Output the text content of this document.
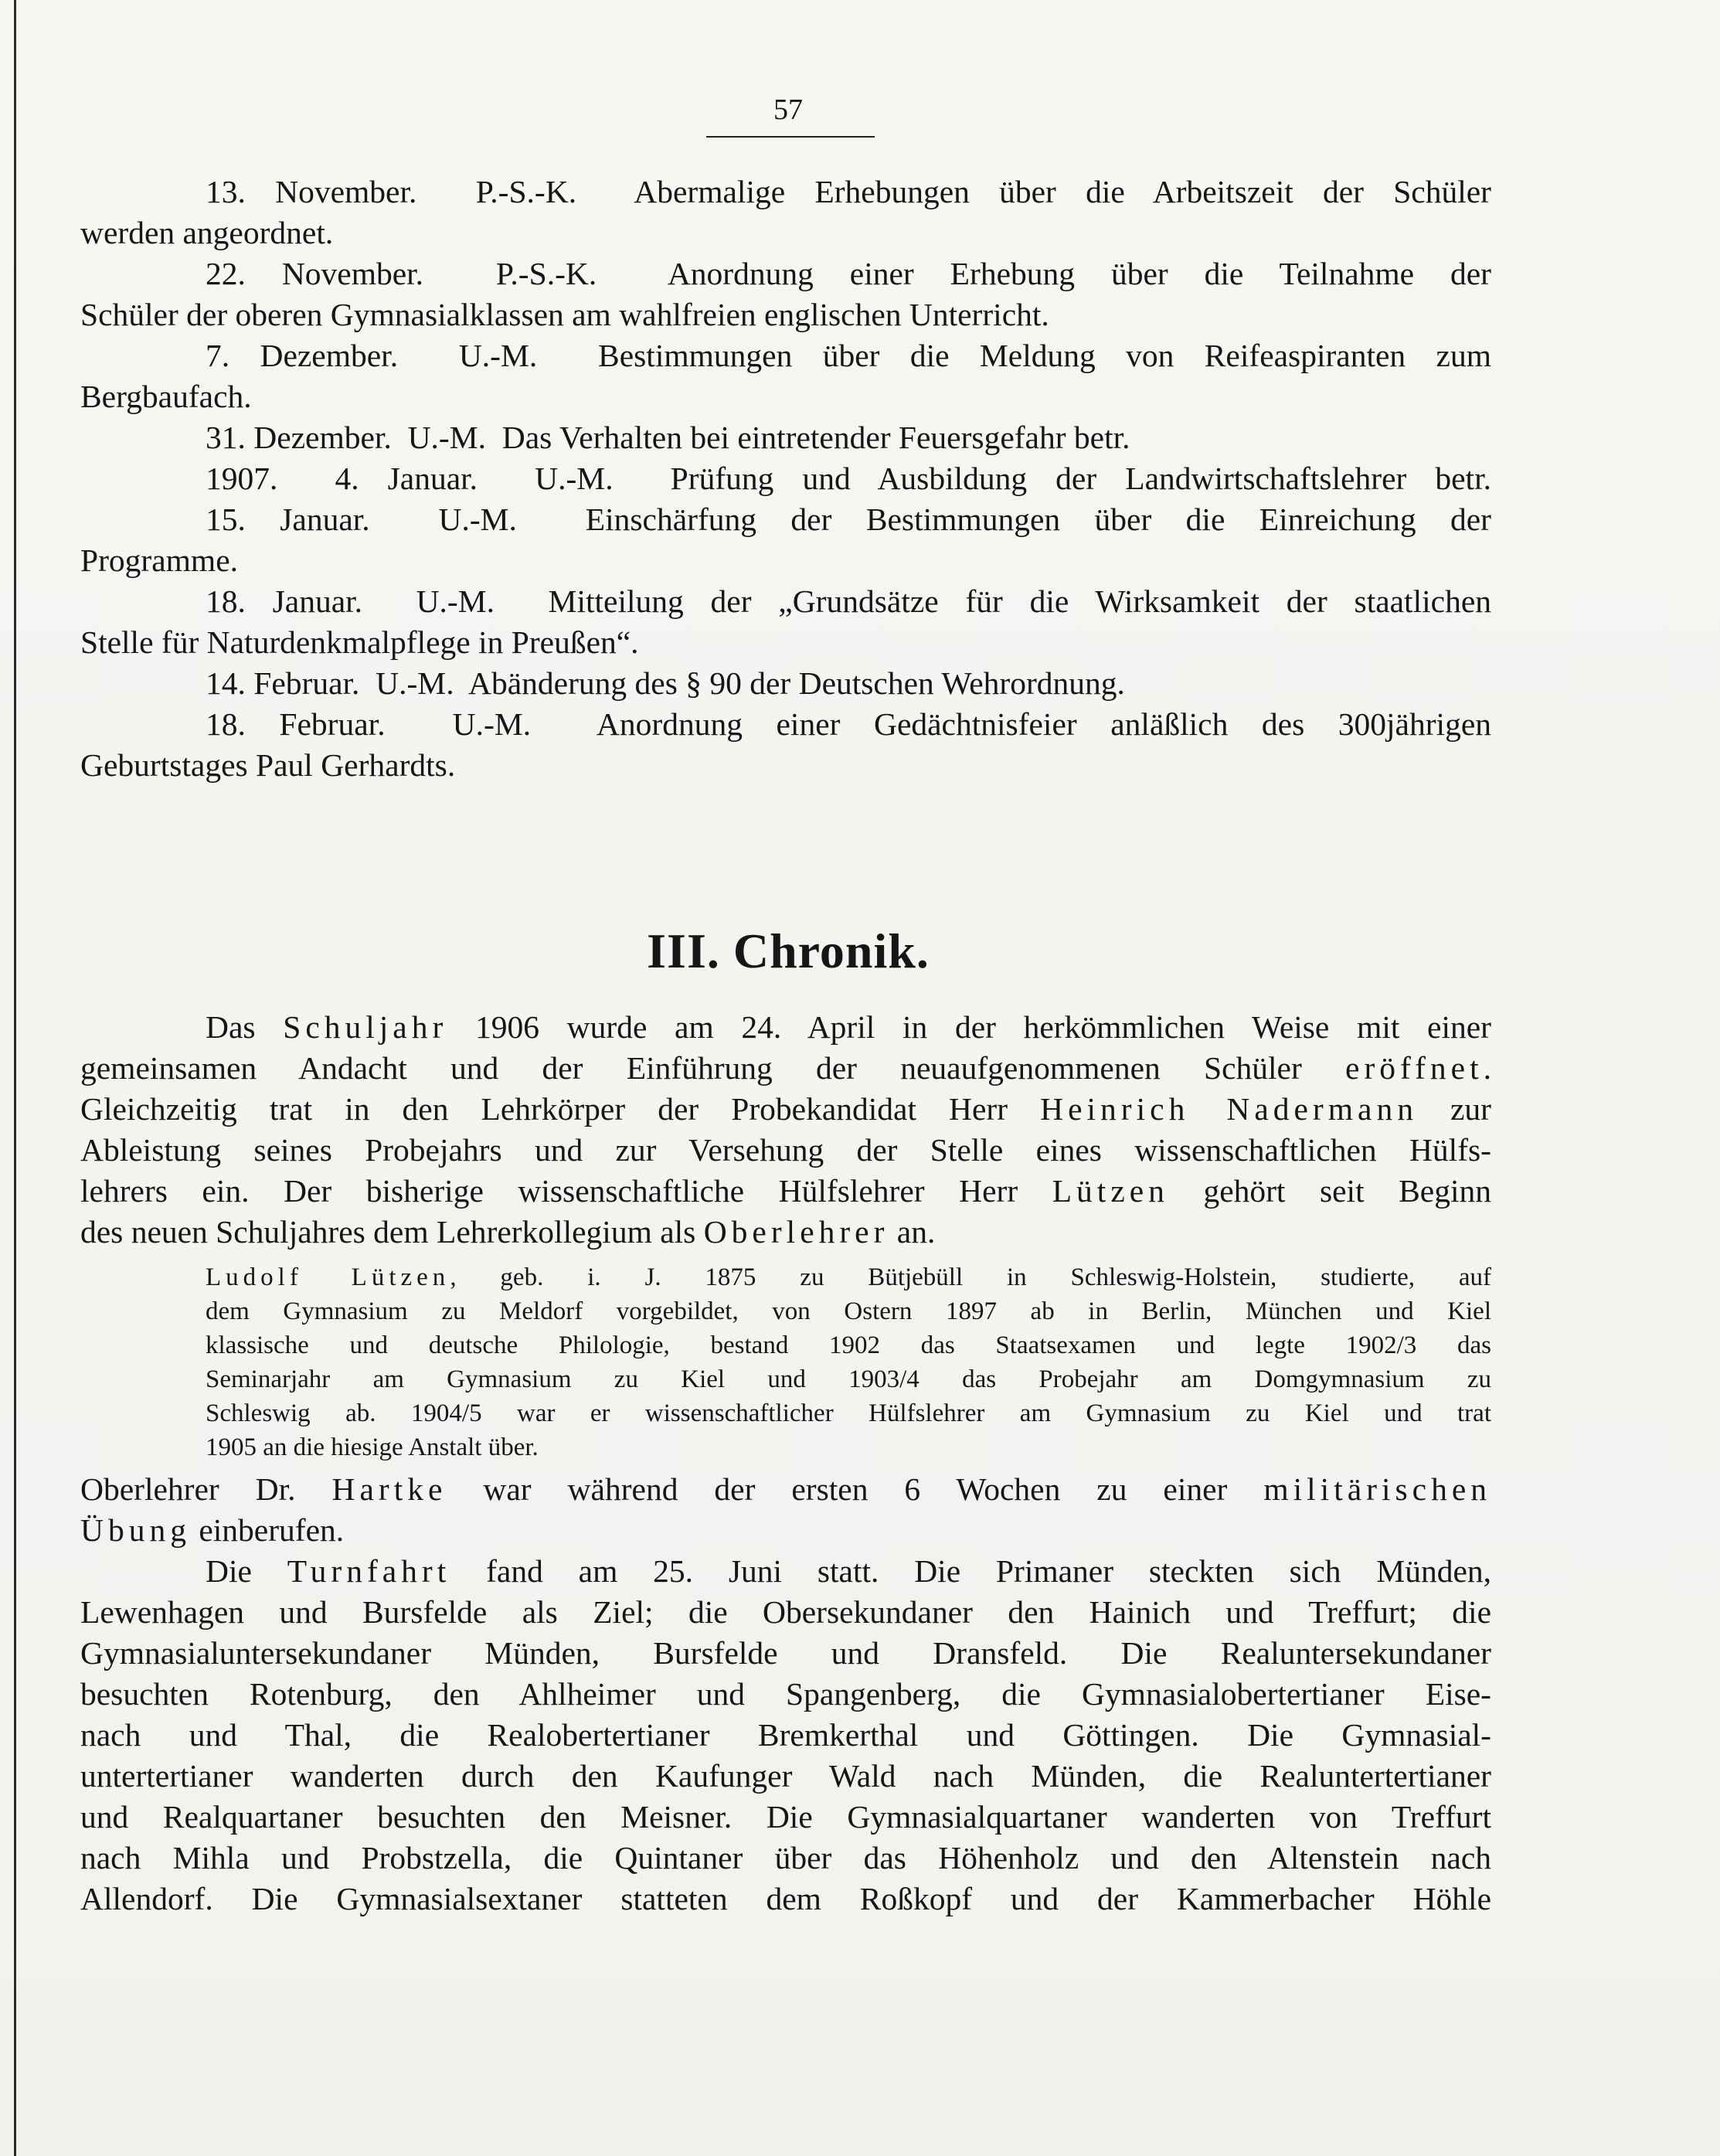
57
13. November.  P.-S.-K.  Abermalige Erhebungen über die Arbeitszeit der Schüler
werden angeordnet.
22. November.  P.-S.-K.  Anordnung einer Erhebung über die Teilnahme der
Schüler der oberen Gymnasialklassen am wahlfreien englischen Unterricht.
7. Dezember.  U.-M.  Bestimmungen über die Meldung von Reifeaspiranten zum
Bergbaufach.
31. Dezember.  U.-M.  Das Verhalten bei eintretender Feuersgefahr betr.
1907.  4. Januar.  U.-M.  Prüfung und Ausbildung der Landwirtschaftslehrer betr.
15. Januar.  U.-M.  Einschärfung der Bestimmungen über die Einreichung der
Programme.
18. Januar.  U.-M.  Mitteilung der „Grundsätze für die Wirksamkeit der staatlichen
Stelle für Naturdenkmalpflege in Preußen“.
14. Februar.  U.-M.  Abänderung des § 90 der Deutschen Wehrordnung.
18. Februar.  U.-M.  Anordnung einer Gedächtnisfeier anläßlich des 300jährigen
Geburtstages Paul Gerhardts.
III. Chronik.
Das Schuljahr 1906 wurde am 24. April in der herkömmlichen Weise mit einer
gemeinsamen Andacht und der Einführung der neuaufgenommenen Schüler eröffnet.
Gleichzeitig trat in den Lehrkörper der Probekandidat Herr Heinrich Nadermann zur
Ableistung seines Probejahrs und zur Versehung der Stelle eines wissenschaftlichen Hülfs-
lehrers ein. Der bisherige wissenschaftliche Hülfslehrer Herr Lützen gehört seit Beginn
des neuen Schuljahres dem Lehrerkollegium als Oberlehrer an.
Ludolf Lützen, geb. i. J. 1875 zu Bütjebüll in Schleswig-Holstein, studierte, auf
dem Gymnasium zu Meldorf vorgebildet, von Ostern 1897 ab in Berlin, München und Kiel
klassische und deutsche Philologie, bestand 1902 das Staatsexamen und legte 1902/3 das
Seminarjahr am Gymnasium zu Kiel und 1903/4 das Probejahr am Domgymnasium zu
Schleswig ab. 1904/5 war er wissenschaftlicher Hülfslehrer am Gymnasium zu Kiel und trat
1905 an die hiesige Anstalt über.
Oberlehrer Dr. Hartke war während der ersten 6 Wochen zu einer militärischen
Übung einberufen.
Die Turnfahrt fand am 25. Juni statt. Die Primaner steckten sich Münden,
Lewenhagen und Bursfelde als Ziel; die Obersekundaner den Hainich und Treffurt; die
Gymnasialuntersekundaner Münden, Bursfelde und Dransfeld. Die Realuntersekundaner
besuchten Rotenburg, den Ahlheimer und Spangenberg, die Gymnasialobertertianer Eise-
nach und Thal, die Realobertertianer Bremkerthal und Göttingen. Die Gymnasial-
untertertianer wanderten durch den Kaufunger Wald nach Münden, die Realuntertertianer
und Realquartaner besuchten den Meisner. Die Gymnasialquartaner wanderten von Treffurt
nach Mihla und Probstzella, die Quintaner über das Höhenholz und den Altenstein nach
Allendorf. Die Gymnasialsextaner statteten dem Roßkopf und der Kammerbacher Höhle
